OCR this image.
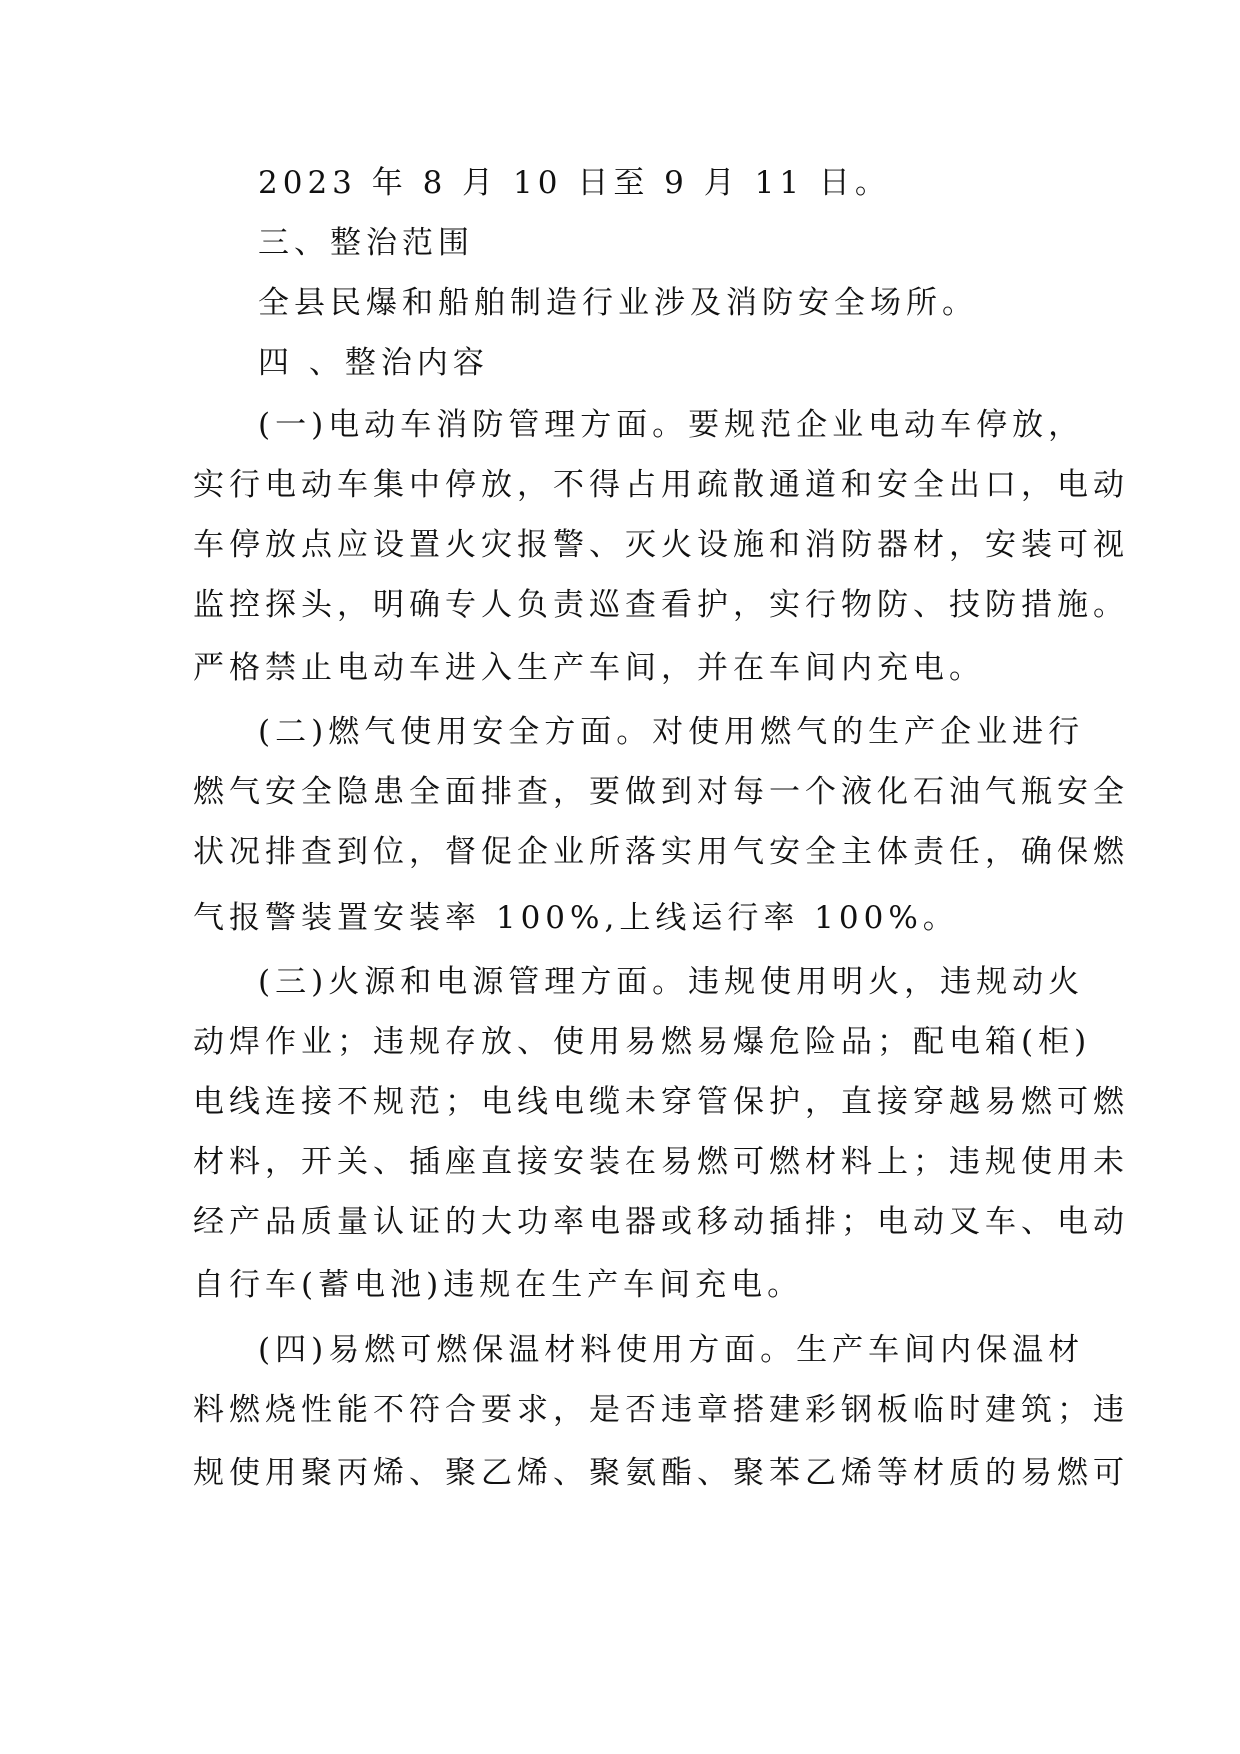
2023 年 8 月 10 日至 9 月 11 日。
三、整治范围
全县民爆和船舶制造行业涉及消防安全场所。
四 、整治内容
(一)电动车消防管理方面。要规范企业电动车停放，
实行电动车集中停放，不得占用疏散通道和安全出口，电动
车停放点应设置火灾报警、灭火设施和消防器材，安装可视
监控探头，明确专人负责巡查看护，实行物防、技防措施。
严格禁止电动车进入生产车间，并在车间内充电。
(二)燃气使用安全方面。对使用燃气的生产企业进行
燃气安全隐患全面排查，要做到对每一个液化石油气瓶安全
状况排查到位，督促企业所落实用气安全主体责任，确保燃
气报警装置安装率 100%,上线运行率 100%。
(三)火源和电源管理方面。违规使用明火，违规动火
动焊作业；违规存放、使用易燃易爆危险品；配电箱(柜)
电线连接不规范；电线电缆未穿管保护，直接穿越易燃可燃
材料，开关、插座直接安装在易燃可燃材料上；违规使用未
经产品质量认证的大功率电器或移动插排；电动叉车、电动
自行车(蓄电池)违规在生产车间充电。
(四)易燃可燃保温材料使用方面。生产车间内保温材
料燃烧性能不符合要求，是否违章搭建彩钢板临时建筑；违
规使用聚丙烯、聚乙烯、聚氨酯、聚苯乙烯等材质的易燃可
